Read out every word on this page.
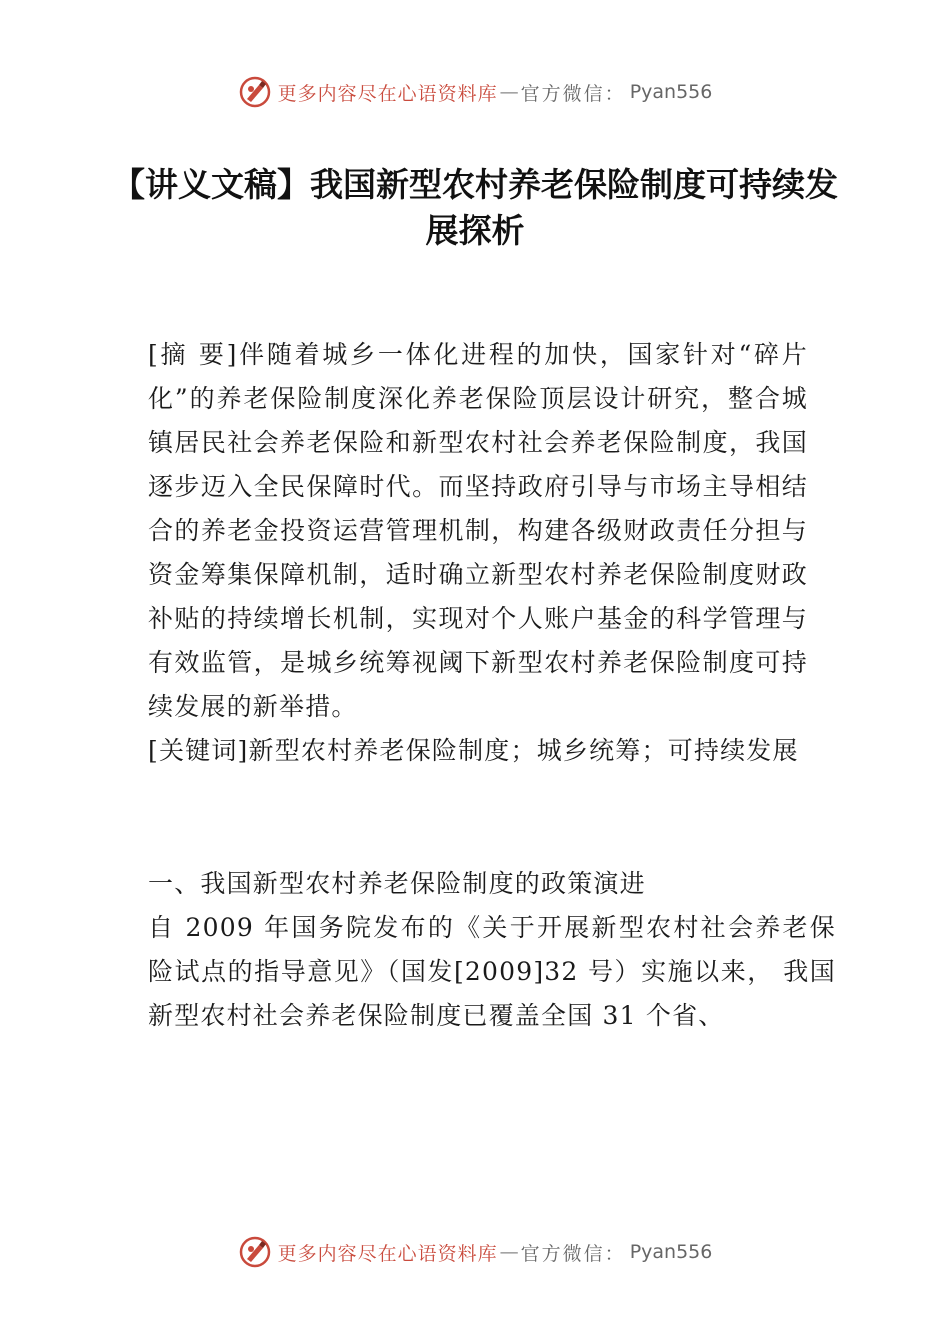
更多内容尽在心语资料库 — 官方微信： Pyan556
【讲义文稿】我国新型农村养老保险制度可持续发展探析

[摘 要]伴随着城乡一体化进程的加快，国家针对“碎片化”的养老保险制度深化养老保险顶层设计研究，整合城镇居民社会养老保险和新型农村社会养老保险制度，我国逐步迈入全民保障时代。而坚持政府引导与市场主导相结合的养老金投资运营管理机制，构建各级财政责任分担与资金筹集保障机制，适时确立新型农村养老保险制度财政补贴的持续增长机制，实现对个人账户基金的科学管理与有效监管，是城乡统筹视阈下新型农村养老保险制度可持续发展的新举措。

[关键词]新型农村养老保险制度；城乡统筹；可持续发展

一、我国新型农村养老保险制度的政策演进

自 2009 年国务院发布的《关于开展新型农村社会养老保险试点的指导意见》（国发[2009]32 号）实施以来， 我国新型农村社会养老保险制度已覆盖全国 31 个省、

更多内容尽在心语资料库 — 官方微信： Pyan556
